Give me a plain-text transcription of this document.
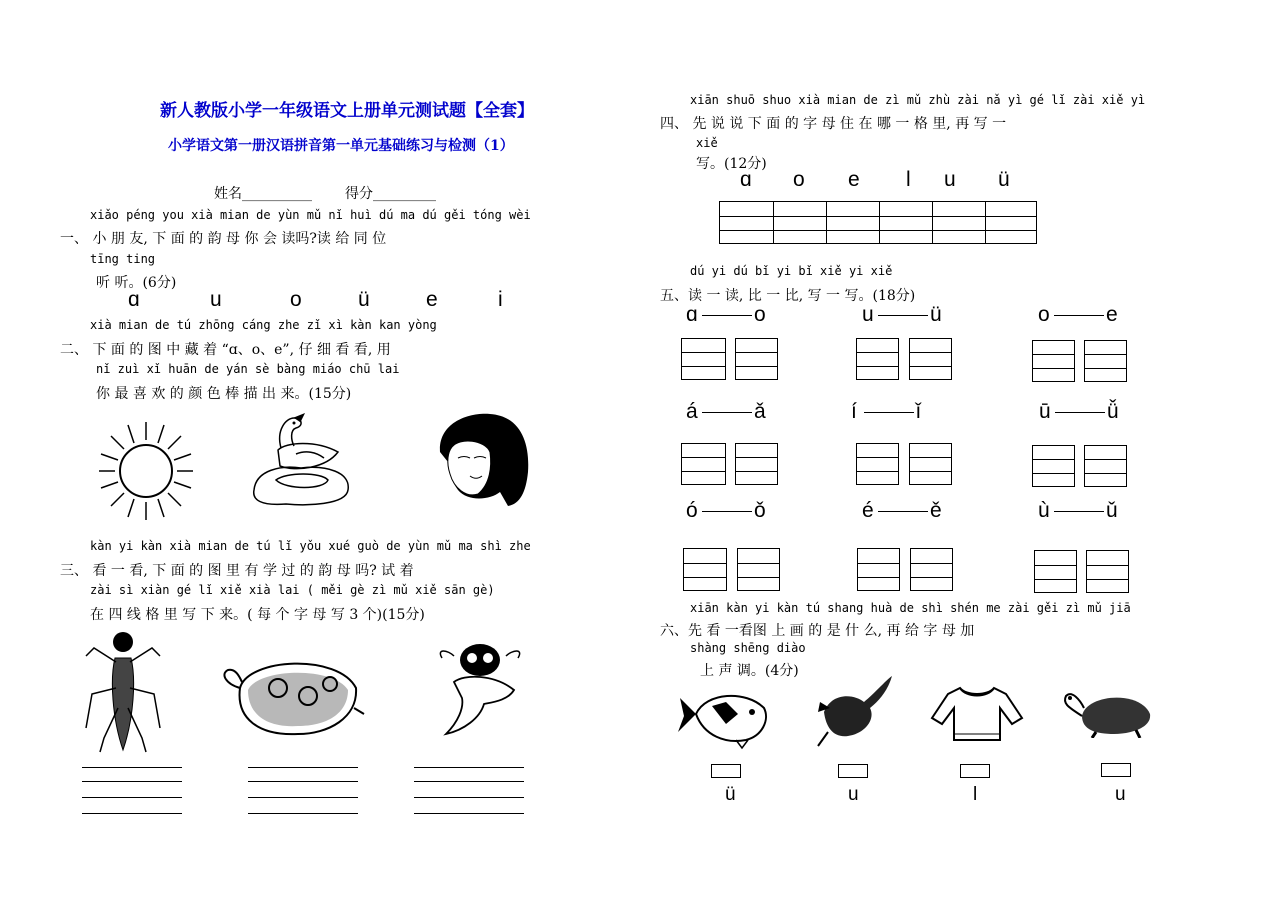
新人教版小学一年级语文上册单元测试题【全套】
小学语文第一册汉语拼音第一单元基础练习与检测（1）
姓名__________ 得分_________
xiǎo péng you xià mian de yùn mǔ nǐ huì dú ma dú gěi tóng wèi
一、 小 朋 友, 下 面 的 韵 母 你 会 读吗?读 给 同 位
tīng ting
听 听。(6分)
ɑ	u	o	ü	e	i
xià mian de tú zhōng cáng zhe zǐ xì kàn kan yòng
二、 下 面 的 图 中 藏 着 “ɑ、o、e”, 仔 细 看 看, 用
nǐ zuì xǐ huān de yán sè bàng miáo chū lai
你 最 喜 欢 的 颜 色 棒 描 出 来。(15分)
kàn yi kàn xià mian de tú lǐ yǒu xué guò de yùn mǔ ma shì zhe
三、 看 一 看, 下 面 的 图 里 有 学 过 的 韵 母 吗? 试 着
zài sì xiàn gé lǐ xiě xià lai ( měi gè zì mǔ xiě sān gè)
在 四 线 格 里 写 下 来。( 每 个 字 母 写 3 个)(15分)
xiān shuō shuo xià mian de zì mǔ zhù zài nǎ yì gé lǐ zài xiě yì
四、 先 说 说 下 面 的 字 母 住 在 哪 一 格 里, 再 写 一
xiě
写。(12分)
ɑ o e l u ü
dú yi dú bǐ yi bǐ xiě yi xiě
五、读 一 读, 比 一 比, 写 一 写。(18分)
ɑ	o	u	ü	o	e
á	ǎ	í	ǐ	ū	ǚ
ó	ǒ	é	ě	ù	ǔ
xiān kàn yi kàn tú shang huà de shì shén me zài gěi zì mǔ jiā
六、先 看 一看图 上 画 的 是 什 么, 再 给 字 母 加
shàng shēng diào
上 声 调。(4分)
ü	u	l	u
